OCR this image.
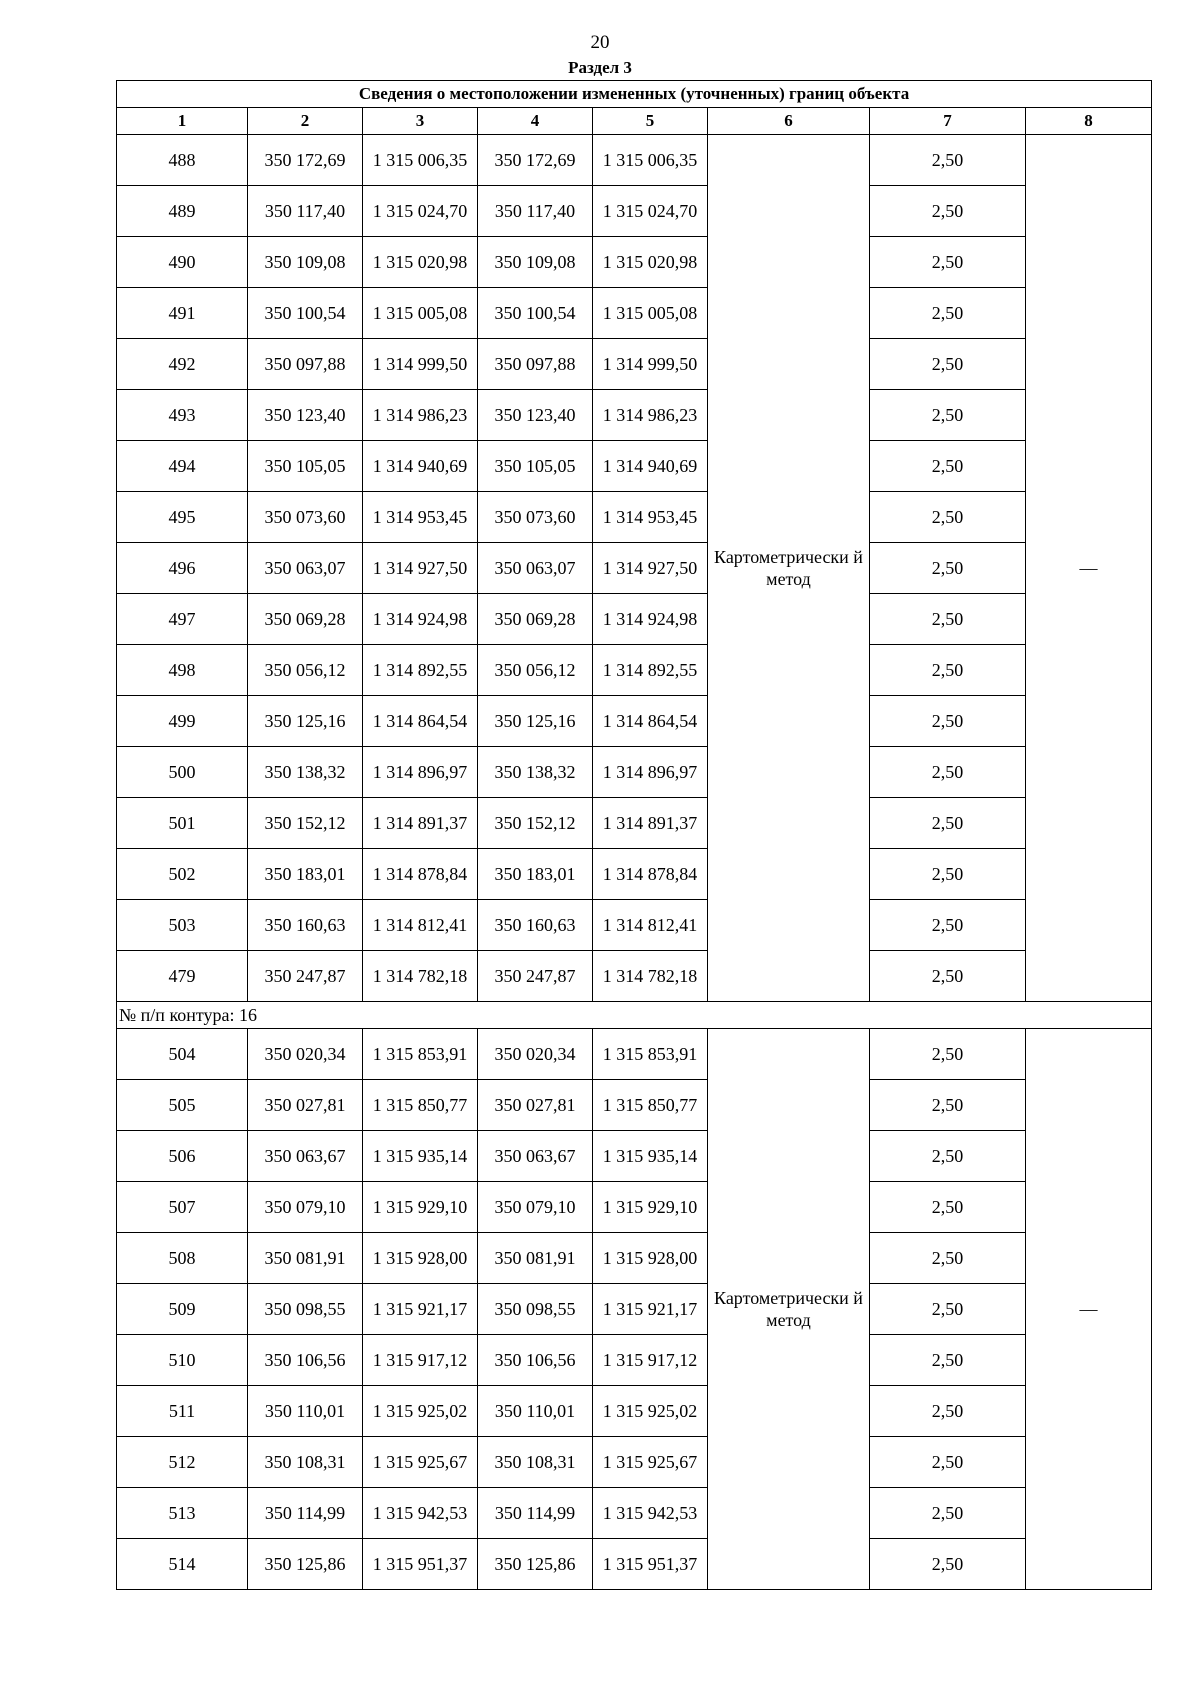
20
Раздел 3
Сведения о местоположении измененных (уточненных) границ объекта							
1	2	3	4	5	6	7	8
488	350 172,69	1 315 006,35	350 172,69	1 315 006,35	Картометрически й метод	2,50	—
489	350 117,40	1 315 024,70	350 117,40	1 315 024,70		2,50	
490	350 109,08	1 315 020,98	350 109,08	1 315 020,98		2,50	
491	350 100,54	1 315 005,08	350 100,54	1 315 005,08		2,50	
492	350 097,88	1 314 999,50	350 097,88	1 314 999,50		2,50	
493	350 123,40	1 314 986,23	350 123,40	1 314 986,23		2,50	
494	350 105,05	1 314 940,69	350 105,05	1 314 940,69		2,50	
495	350 073,60	1 314 953,45	350 073,60	1 314 953,45		2,50	
496	350 063,07	1 314 927,50	350 063,07	1 314 927,50		2,50	
497	350 069,28	1 314 924,98	350 069,28	1 314 924,98		2,50	
498	350 056,12	1 314 892,55	350 056,12	1 314 892,55		2,50	
499	350 125,16	1 314 864,54	350 125,16	1 314 864,54		2,50	
500	350 138,32	1 314 896,97	350 138,32	1 314 896,97		2,50	
501	350 152,12	1 314 891,37	350 152,12	1 314 891,37		2,50	
502	350 183,01	1 314 878,84	350 183,01	1 314 878,84		2,50	
503	350 160,63	1 314 812,41	350 160,63	1 314 812,41		2,50	
479	350 247,87	1 314 782,18	350 247,87	1 314 782,18		2,50	
№ п/п контура: 16							
504	350 020,34	1 315 853,91	350 020,34	1 315 853,91	Картометрически й метод	2,50	—
505	350 027,81	1 315 850,77	350 027,81	1 315 850,77		2,50	
506	350 063,67	1 315 935,14	350 063,67	1 315 935,14		2,50	
507	350 079,10	1 315 929,10	350 079,10	1 315 929,10		2,50	
508	350 081,91	1 315 928,00	350 081,91	1 315 928,00		2,50	
509	350 098,55	1 315 921,17	350 098,55	1 315 921,17		2,50	
510	350 106,56	1 315 917,12	350 106,56	1 315 917,12		2,50	
511	350 110,01	1 315 925,02	350 110,01	1 315 925,02		2,50	
512	350 108,31	1 315 925,67	350 108,31	1 315 925,67		2,50	
513	350 114,99	1 315 942,53	350 114,99	1 315 942,53		2,50	
514	350 125,86	1 315 951,37	350 125,86	1 315 951,37		2,50	
